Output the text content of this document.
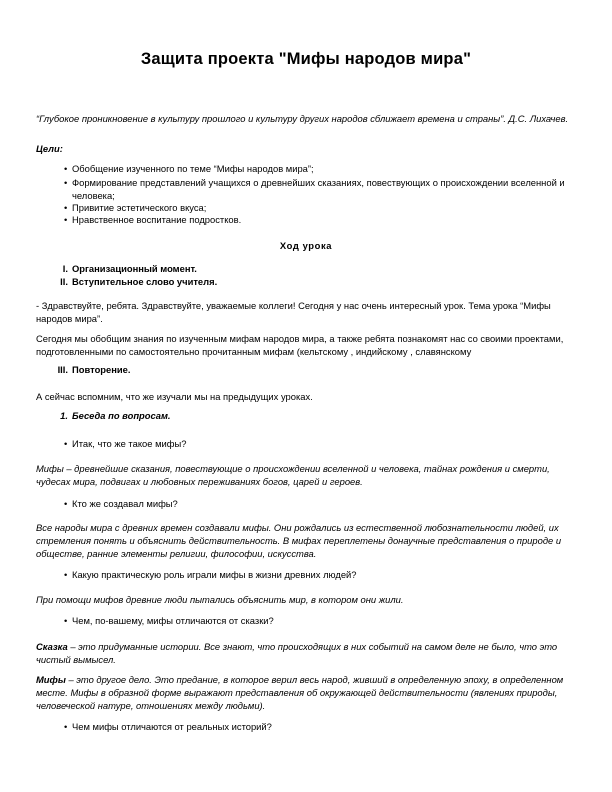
Защита проекта "Мифы народов мира"
“Глубокое проникновение в культуру прошлого и культуру других народов сближает времена и страны”. Д.С. Лихачев.
Цели:
• Обобщение изученного по теме “Мифы народов мира”;
• Формирование представлений учащихся о древнейших сказаниях, повествующих о происхождении вселенной и человека;
• Привитие эстетического вкуса;
• Нравственное воспитание подростков.
Ход урока
I. Организационный момент.
II. Вступительное слово учителя.
- Здравствуйте, ребята. Здравствуйте, уважаемые коллеги! Сегодня у нас очень интересный урок. Тема урока “Мифы народов мира”.
Сегодня мы обобщим знания по изученным мифам народов мира, а также ребята познакомят нас со своими проектами, подготовленными по самостоятельно прочитанным мифам (кельтскому , индийскому , славянскому
III. Повторение.
А сейчас вспомним, что же изучали мы на предыдущих уроках.
1. Беседа по вопросам.
• Итак, что же такое мифы?
Мифы – древнейшие сказания, повествующие о происхождении вселенной и человека, тайнах рождения и смерти, чудесах мира, подвигах и любовных переживаниях богов, царей и героев.
• Кто же создавал мифы?
Все народы мира с древних времен создавали мифы. Они рождались из естественной любознательности людей, их стремления понять и объяснить действительность. В мифах переплетены донаучные представления о природе и обществе, ранние элементы религии, философии, искусства.
• Какую практическую роль играли мифы в жизни древних людей?
При помощи мифов древние люди пытались объяснить мир, в котором они жили.
• Чем, по-вашему, мифы отличаются от сказки?
Сказка – это придуманные истории. Все знают, что происходящих в них событий на самом деле не было, что это чистый вымысел.
Мифы – это другое дело. Это предание, в которое верил весь народ, живший в определенную эпоху, в определенном месте. Мифы в образной форме выражают представления об окружающей действительности (явлениях природы, человеческой натуре, отношениях между людьми).
• Чем мифы отличаются от реальных историй?
